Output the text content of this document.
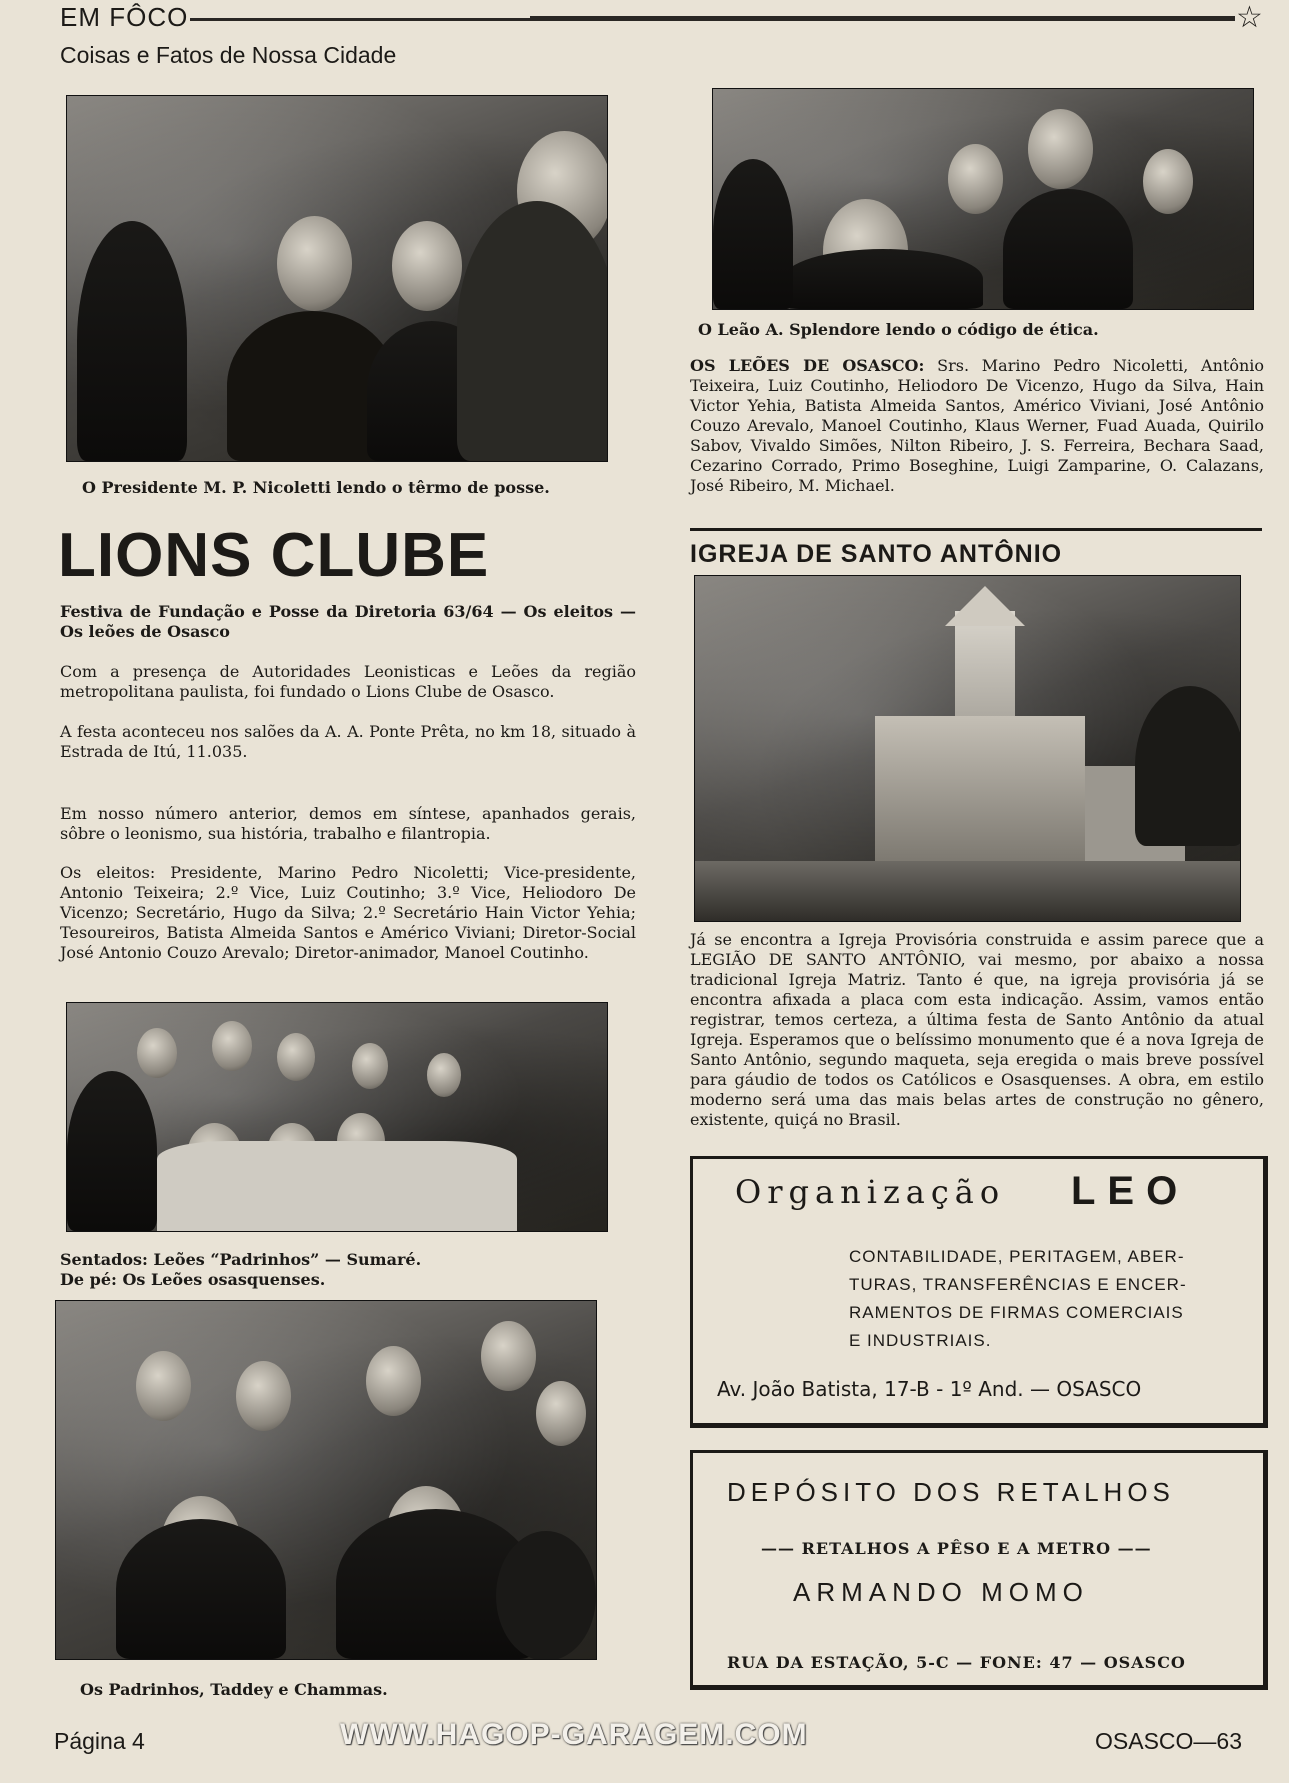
EM FÔCO	☆
Coisas e Fatos de Nossa Cidade
O Presidente M. P. Nicoletti lendo o têrmo de posse.
LIONS CLUBE
Festiva de Fundação e Posse da Diretoria 63/64 — Os eleitos — Os leões de Osasco
Com a presença de Autoridades Leonisticas e Leões da região metropolitana paulista, foi fundado o Lions Clube de Osasco.
A festa aconteceu nos salões da A. A. Ponte Prêta, no km 18, situado à Estrada de Itú, 11.035.
Em nosso número anterior, demos em síntese, apanhados gerais, sôbre o leonismo, sua história, trabalho e filantropia.
Os eleitos: Presidente, Marino Pedro Nicoletti; Vice-presidente, Antonio Teixeira; 2.º Vice, Luiz Coutinho; 3.º Vice, Heliodoro De Vicenzo; Secretário, Hugo da Silva; 2.º Secretário Hain Victor Yehia; Tesoureiros, Batista Almeida Santos e Américo Viviani; Diretor-Social José Antonio Couzo Arevalo; Diretor-animador, Manoel Coutinho.
Sentados: Leões “Padrinhos” — Sumaré.
De pé: Os Leões osasquenses.
Os Padrinhos, Taddey e Chammas.
O Leão A. Splendore lendo o código de ética.
OS LEÕES DE OSASCO: Srs. Marino Pedro Nicoletti, Antônio Teixeira, Luiz Coutinho, Heliodoro De Vicenzo, Hugo da Silva, Hain Victor Yehia, Batista Almeida Santos, Américo Viviani, José Antônio Couzo Arevalo, Manoel Coutinho, Klaus Werner, Fuad Auada, Quirilo Sabov, Vivaldo Simões, Nilton Ribeiro, J. S. Ferreira, Bechara Saad, Cezarino Corrado, Primo Boseghine, Luigi Zamparine, O. Calazans, José Ribeiro, M. Michael.
IGREJA DE SANTO ANTÔNIO
Já se encontra a Igreja Provisória construida e assim parece que a LEGIÃO DE SANTO ANTÔNIO, vai mesmo, por abaixo a nossa tradicional Igreja Matriz. Tanto é que, na igreja provisória já se encontra afixada a placa com esta indicação. Assim, vamos então registrar, temos certeza, a última festa de Santo Antônio da atual Igreja. Esperamos que o belíssimo monumento que é a nova Igreja de Santo Antônio, segundo maqueta, seja eregida o mais breve possível para gáudio de todos os Católicos e Osasquenses. A obra, em estilo moderno será uma das mais belas artes de construção no gênero, existente, quiçá no Brasil.
Organização LEO
CONTABILIDADE, PERITAGEM, ABER-
TURAS, TRANSFERÊNCIAS E ENCER-
RAMENTOS DE FIRMAS COMERCIAIS
E INDUSTRIAIS.
Av. João Batista, 17-B - 1º And. — OSASCO
DEPÓSITO DOS RETALHOS
—— RETALHOS A PÊSO E A METRO ——
ARMANDO MOMO
RUA DA ESTAÇÃO, 5-C — FONE: 47 — OSASCO
Página 4	WWW.HAGOP-GARAGEM.COM	OSASCO—63
